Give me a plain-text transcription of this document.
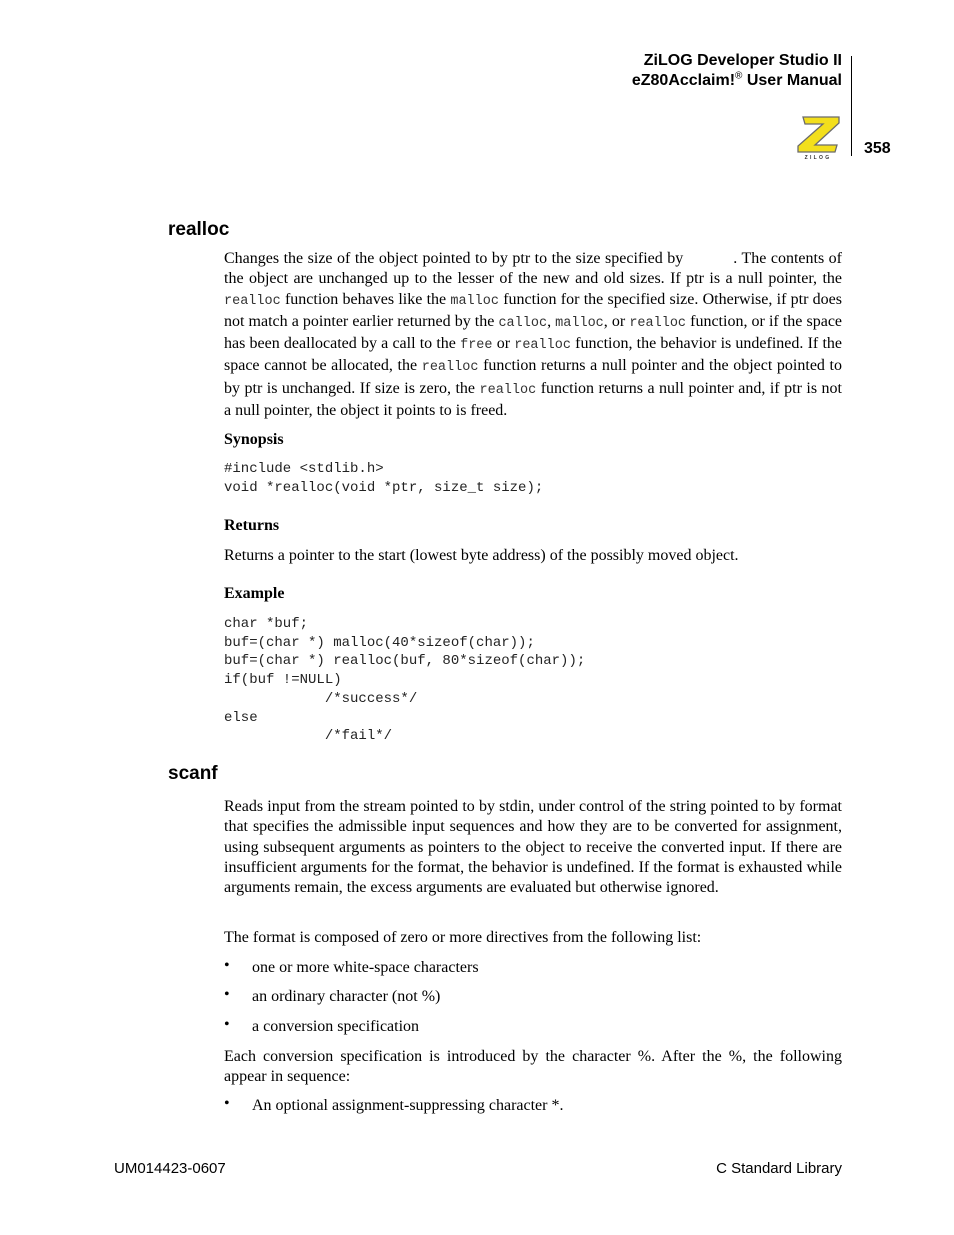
ZiLOG Developer Studio II
eZ80Acclaim!® User Manual
358
ZILOG
realloc

Changes the size of the object pointed to by ptr to the size specified by	. The contents of the object are unchanged up to the lesser of the new and old sizes. If ptr is a null pointer, the realloc function behaves like the malloc function for the specified size. Otherwise, if ptr does not match a pointer earlier returned by the calloc, malloc, or realloc function, or if the space has been deallocated by a call to the free or realloc function, the behavior is undefined. If the space cannot be allocated, the realloc function returns a null pointer and the object pointed to by ptr is unchanged. If size is zero, the realloc function returns a null pointer and, if ptr is not a null pointer, the object it points to is freed.

Synopsis
#include <stdlib.h>
void *realloc(void *ptr, size_t size);
Returns

Returns a pointer to the start (lowest byte address) of the possibly moved object.

Example
char *buf;
buf=(char *) malloc(40*sizeof(char));
buf=(char *) realloc(buf, 80*sizeof(char));
if(buf !=NULL)
/*success*/
else
/*fail*/
scanf

Reads input from the stream pointed to by stdin, under control of the string pointed to by format that specifies the admissible input sequences and how they are to be converted for assignment, using subsequent arguments as pointers to the object to receive the converted input. If there are insufficient arguments for the format, the behavior is undefined. If the format is exhausted while arguments remain, the excess arguments are evaluated but otherwise ignored.

The format is composed of zero or more directives from the following list:

• one or more white-space characters
• an ordinary character (not %)
• a conversion specification

Each conversion specification is introduced by the character %. After the %, the following appear in sequence:

• An optional assignment-suppressing character *.
UM014423-0607	C Standard Library
